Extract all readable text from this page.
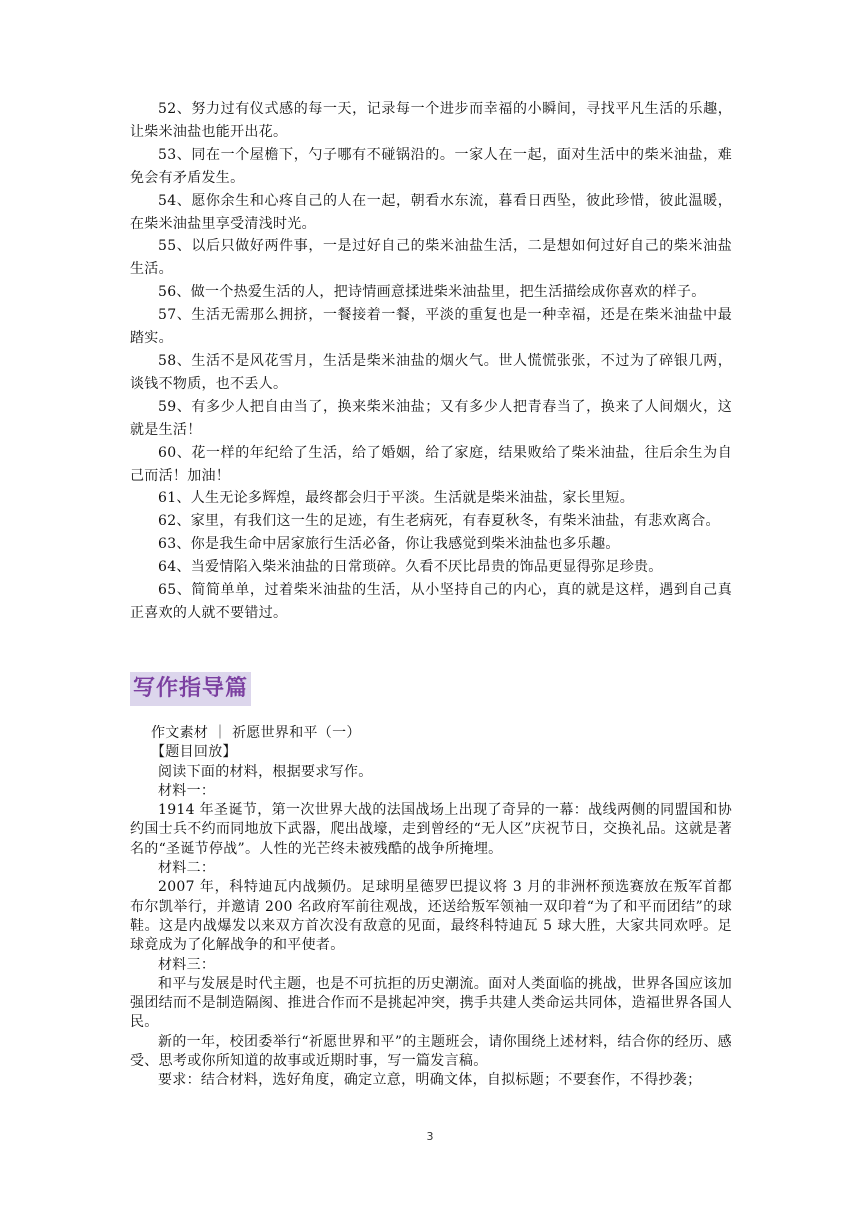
52、努力过有仪式感的每一天，记录每一个进步而幸福的小瞬间，寻找平凡生活的乐趣，让柴米油盐也能开出花。

53、同在一个屋檐下，勺子哪有不碰锅沿的。一家人在一起，面对生活中的柴米油盐，难免会有矛盾发生。

54、愿你余生和心疼自己的人在一起，朝看水东流，暮看日西坠，彼此珍惜，彼此温暖，在柴米油盐里享受清浅时光。

55、以后只做好两件事，一是过好自己的柴米油盐生活，二是想如何过好自己的柴米油盐生活。

56、做一个热爱生活的人，把诗情画意揉进柴米油盐里，把生活描绘成你喜欢的样子。

57、生活无需那么拥挤，一餐接着一餐，平淡的重复也是一种幸福，还是在柴米油盐中最踏实。

58、生活不是风花雪月，生活是柴米油盐的烟火气。世人慌慌张张，不过为了碎银几两，谈钱不物质，也不丢人。

59、有多少人把自由当了，换来柴米油盐；又有多少人把青春当了，换来了人间烟火，这就是生活！

60、花一样的年纪给了生活，给了婚姻，给了家庭，结果败给了柴米油盐，往后余生为自己而活！加油！

61、人生无论多辉煌，最终都会归于平淡。生活就是柴米油盐，家长里短。

62、家里，有我们这一生的足迹，有生老病死，有春夏秋冬，有柴米油盐，有悲欢离合。

63、你是我生命中居家旅行生活必备，你让我感觉到柴米油盐也多乐趣。

64、当爱情陷入柴米油盐的日常琐碎。久看不厌比昂贵的饰品更显得弥足珍贵。

65、简简单单，过着柴米油盐的生活，从小坚持自己的内心，真的就是这样，遇到自己真正喜欢的人就不要错过。

写作指导篇

作文素材 ｜ 祈愿世界和平（一）

【题目回放】

阅读下面的材料，根据要求写作。

材料一：

1914 年圣诞节，第一次世界大战的法国战场上出现了奇异的一幕：战线两侧的同盟国和协约国士兵不约而同地放下武器，爬出战壕，走到曾经的“无人区”庆祝节日，交换礼品。这就是著名的“圣诞节停战”。人性的光芒终未被残酷的战争所掩埋。

材料二：

2007 年，科特迪瓦内战频仍。足球明星德罗巴提议将 3 月的非洲杯预选赛放在叛军首都布尔凯举行，并邀请 200 名政府军前往观战，还送给叛军领袖一双印着“为了和平而团结”的球鞋。这是内战爆发以来双方首次没有敌意的见面，最终科特迪瓦 5 球大胜，大家共同欢呼。足球竟成为了化解战争的和平使者。

材料三：

和平与发展是时代主题，也是不可抗拒的历史潮流。面对人类面临的挑战，世界各国应该加强团结而不是制造隔阂、推进合作而不是挑起冲突，携手共建人类命运共同体，造福世界各国人民。

新的一年，校团委举行“祈愿世界和平”的主题班会，请你围绕上述材料，结合你的经历、感受、思考或你所知道的故事或近期时事，写一篇发言稿。

要求：结合材料，选好角度，确定立意，明确文体，自拟标题；不要套作，不得抄袭；

3
